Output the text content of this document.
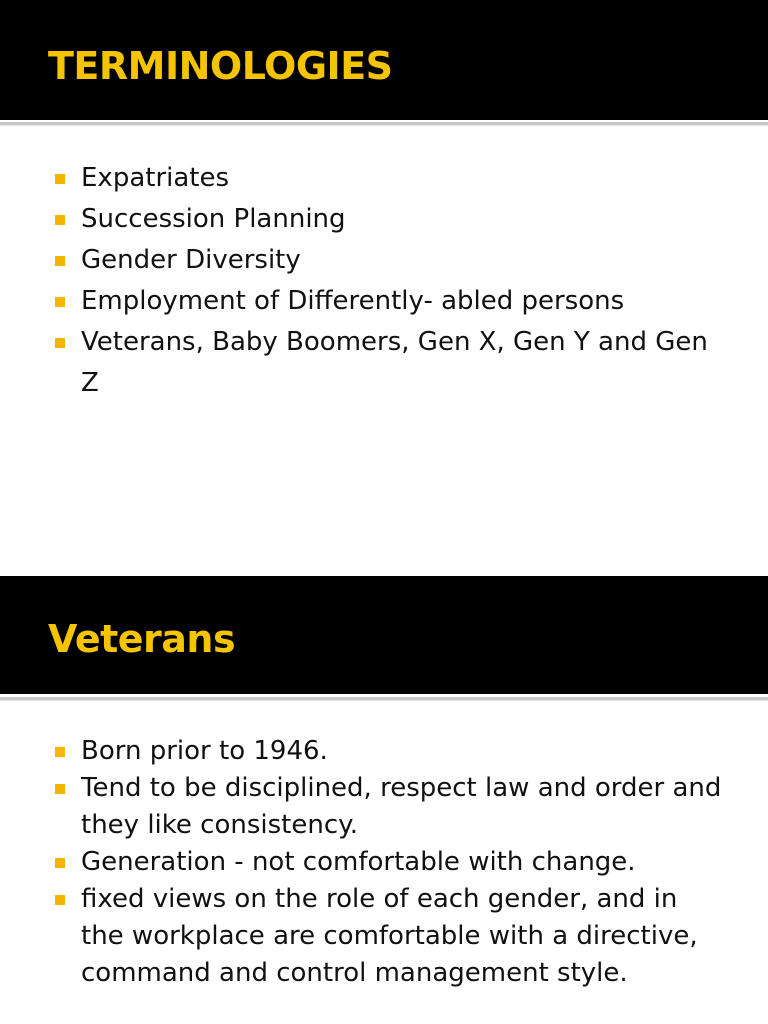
TERMINOLOGIES
Expatriates
Succession Planning
Gender Diversity
Employment of Differently- abled persons
Veterans, Baby Boomers, Gen X, Gen Y and Gen Z
Veterans
Born prior to 1946.
Tend to be disciplined, respect law and order and they like consistency.
Generation - not comfortable with change.
fixed views on the role of each gender, and in the workplace are comfortable with a directive, command and control management style.
